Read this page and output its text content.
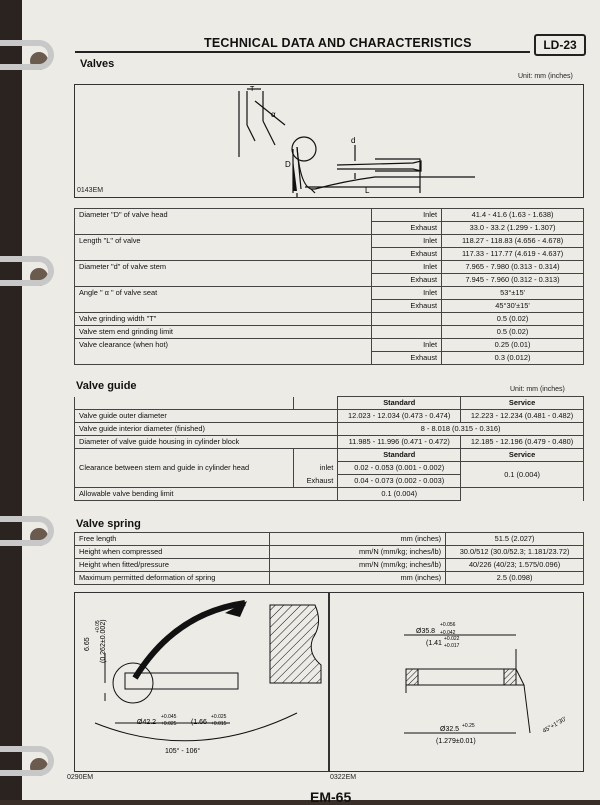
TECHNICAL DATA AND CHARACTERISTICS	LD-23
Valves
Unit: mm (inches)
T
α
d
D
L
0143EM
Diameter "D" of valve head	Inlet	41.4 - 41.6 (1.63 - 1.638)
	Exhaust	33.0 - 33.2 (1.299 - 1.307)
Length "L" of valve	Inlet	118.27 - 118.83 (4.656 - 4.678)
	Exhaust	117.33 - 117.77 (4.619 - 4.637)
Diameter "d" of valve stem	Inlet	7.965 - 7.980 (0.313 - 0.314)
	Exhaust	7.945 - 7.960 (0.312 - 0.313)
Angle " α " of valve seat	Inlet	53°±15'
	Exhaust	45°30'±15'
Valve grinding width "T"		0.5 (0.02)
Valve stem end grinding limit		0.5 (0.02)
Valve clearance (when hot)	Inlet	0.25 (0.01)
	Exhaust	0.3 (0.012)
Valve guide	Unit: mm (inches)
		Standard	Service
Valve guide outer diameter		12.023 - 12.034 (0.473 - 0.474)	12.223 - 12.234 (0.481 - 0.482)
Valve guide interior diameter (finished)		8 - 8.018 (0.315 - 0.316)	
Diameter of valve guide housing in cylinder block		11.985 - 11.996 (0.471 - 0.472)	12.185 - 12.196 (0.479 - 0.480)
		Standard	Service
Clearance between stem and guide in cylinder head	inlet	0.02 - 0.053 (0.001 - 0.002)	0.1 (0.004)
	Exhaust	0.04 - 0.073 (0.002 - 0.003)	
Allowable valve bending limit		0.1 (0.004)	
Valve spring
Free length	mm (inches)	51.5 (2.027)
Height when compressed	mm/N (mm/kg; inches/lb)	30.0/512 (30.0/52.3; 1.181/23.72)
Height when fitted/pressure	mm/N (mm/kg; inches/lb)	40/226 (40/23; 1.575/0.096)
Maximum permitted deformation of spring	mm (inches)	2.5 (0.098)
6.65
+0.05 (0.262±0.002)
Ø42.2
+0.045
+0.025 (1.66
+0.025
+0.015
105° - 106°
0290EM
Ø35.8
+0.056
+0.042
(1.41
+0.022
+0.017
Ø32.5 +0.25
(1.279±0.01)
45°+1°30'
0322EM
EM-65
